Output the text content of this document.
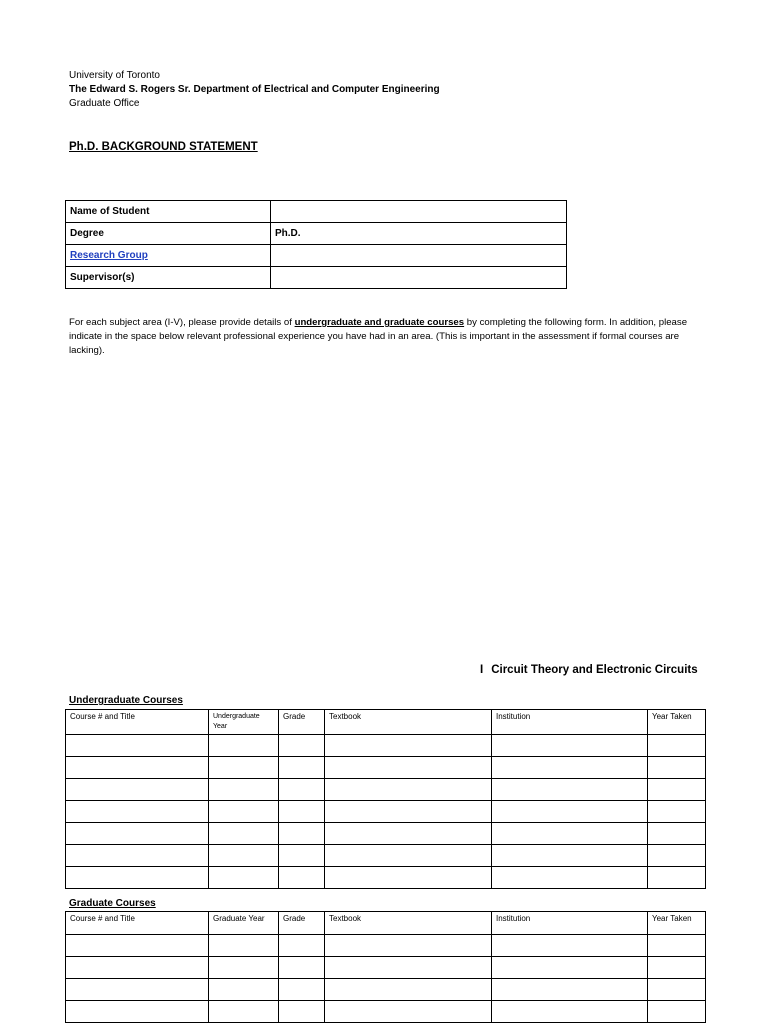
University of Toronto
The Edward S. Rogers Sr. Department of Electrical and Computer Engineering
Graduate Office
Ph.D. BACKGROUND STATEMENT
Name of Student	
Degree	Ph.D.
Research Group	
Supervisor(s)	
For each subject area (I-V), please provide details of undergraduate and graduate courses by completing the following form. In addition, please indicate in the space below relevant professional experience you have had in an area. (This is important in the assessment if formal courses are lacking).
I Circuit Theory and Electronic Circuits
Undergraduate Courses
Course # and Title	Undergraduate Year	Grade	Textbook	Institution	Year Taken

Graduate Courses
Course # and Title	Graduate Year	Grade	Textbook	Institution	Year Taken
